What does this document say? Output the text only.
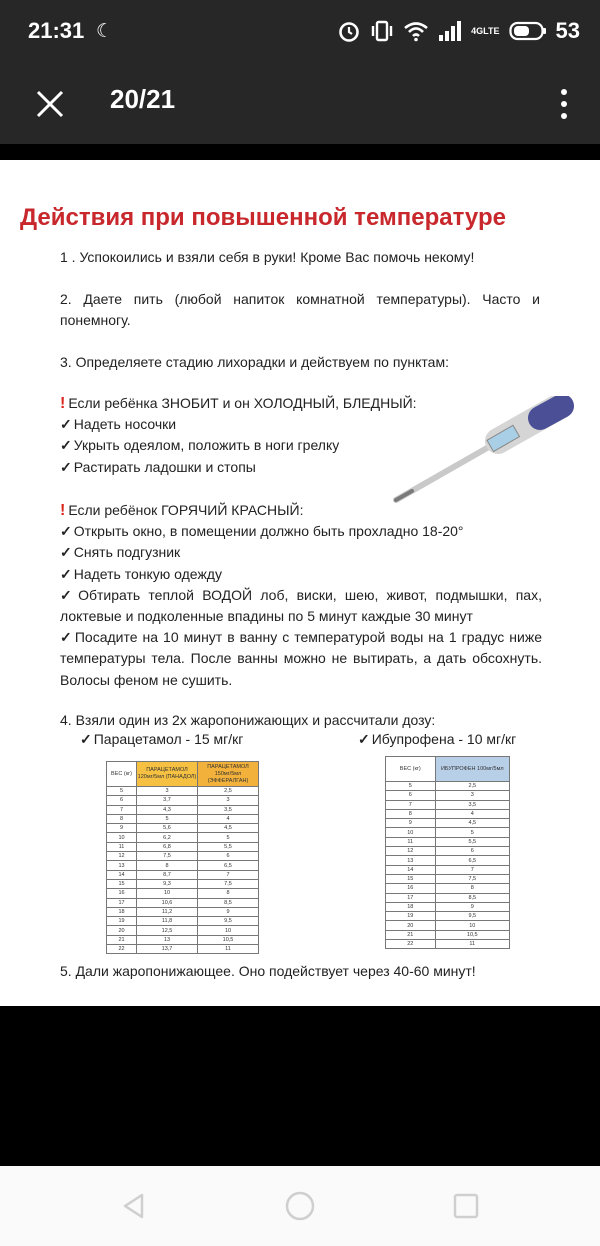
21:31 ☾	4G LTE	53
20/21
Действия при повышенной температуре
1 . Успокоились и взяли себя в руки! Кроме Вас помочь некому!
2. Даете пить (любой напиток комнатной температуры). Часто и понемногу.
3. Определяете стадию лихорадки и действуем по пунктам:
! Если ребёнка ЗНОБИТ и он ХОЛОДНЫЙ, БЛЕДНЫЙ:
✓ Надеть носочки
✓ Укрыть одеялом, положить в ноги грелку
✓ Растирать ладошки и стопы
! Если ребёнок ГОРЯЧИЙ КРАСНЫЙ:
✓ Открыть окно, в помещении должно быть прохладно 18-20°
✓ Снять подгузник
✓ Надеть тонкую одежду
✓ Обтирать теплой ВОДОЙ лоб, виски, шею, живот, подмышки, пах, локтевые и подколенные впадины по 5 минут каждые 30 минут
✓ Посадите на 10 минут в ванну с температурой воды на 1 градус ниже температуры тела. После ванны можно не вытирать, а дать обсохнуть. Волосы феном не сушить.
4. Взяли один из 2х жаропонижающих и рассчитали дозу:
✓ Парацетамол - 15 мг/кг	✓ Ибупрофена - 10 мг/кг
ВЕС (кг)	ПАРАЦЕТАМОЛ 120мг/5мл (ПАНАДОЛ)	ПАРАЦЕТАМОЛ 150мг/5мл (ЭФФЕРАЛГАН)
5	3	2,5
6	3,7	3
7	4,3	3,5
8	5	4
9	5,6	4,5
10	6,2	5
11	6,8	5,5
12	7,5	6
13	8	6,5
14	8,7	7
15	9,3	7,5
16	10	8
17	10,6	8,5
18	11,2	9
19	11,8	9,5
20	12,5	10
21	13	10,5
22	13,7	11
ВЕС (кг)	ИБУПРОФЕН 100мг/5мл
5	2,5
6	3
7	3,5
8	4
9	4,5
10	5
11	5,5
12	6
13	6,5
14	7
15	7,5
16	8
17	8,5
18	9
19	9,5
20	10
21	10,5
22	11
5. Дали жаропонижающее. Оно подействует через 40-60 минут!
